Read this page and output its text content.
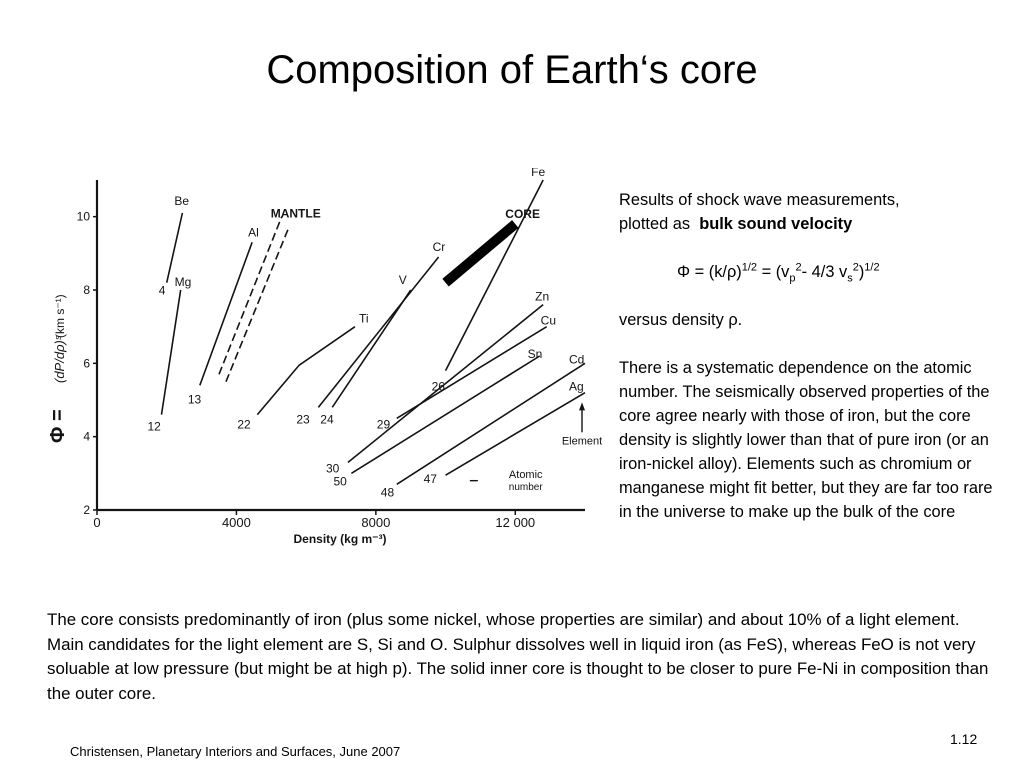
Composition of Earth‘s core
0	4000	8000	12 000
2
4
6
8
10
Density (kg m⁻³)
Φ =
(dP/dρ)ˢ
(km s⁻¹)
Be
4
Mg
12
Al
13
Ti
22
V
24
Cr
23
Fe
26
Zn
30
Cu
29
Sn
50
Cd
48
Ag
47
MANTLE	CORE
Element
Atomic
number

Results of shock wave measurements,

plotted as bulk sound velocity

$\Phi = (k/\rho)^{1/2} = (v_p^2-$ 4/3 $v_s^2)^{1/2}$

versus density ρ.

There is a systematic dependence on the atomic number. The seismically observed properties of the core agree nearly with those of iron, but the core density is slightly lower than that of pure iron (or an iron-nickel alloy). Elements such as chromium or manganese might fit better, but they are far too rare in the universe to make up the bulk of the core

The core consists predominantly of iron (plus some nickel, whose properties are similar) and about 10% of a light element. Main candidates for the light element are S, Si and O. Sulphur dissolves well in liquid iron (as FeS), whereas FeO is not very soluable at low pressure (but might be at high p). The solid inner core is thought to be closer to pure Fe-Ni in composition than the outer core.
Christensen, Planetary Interiors and Surfaces, June 2007
1.12
